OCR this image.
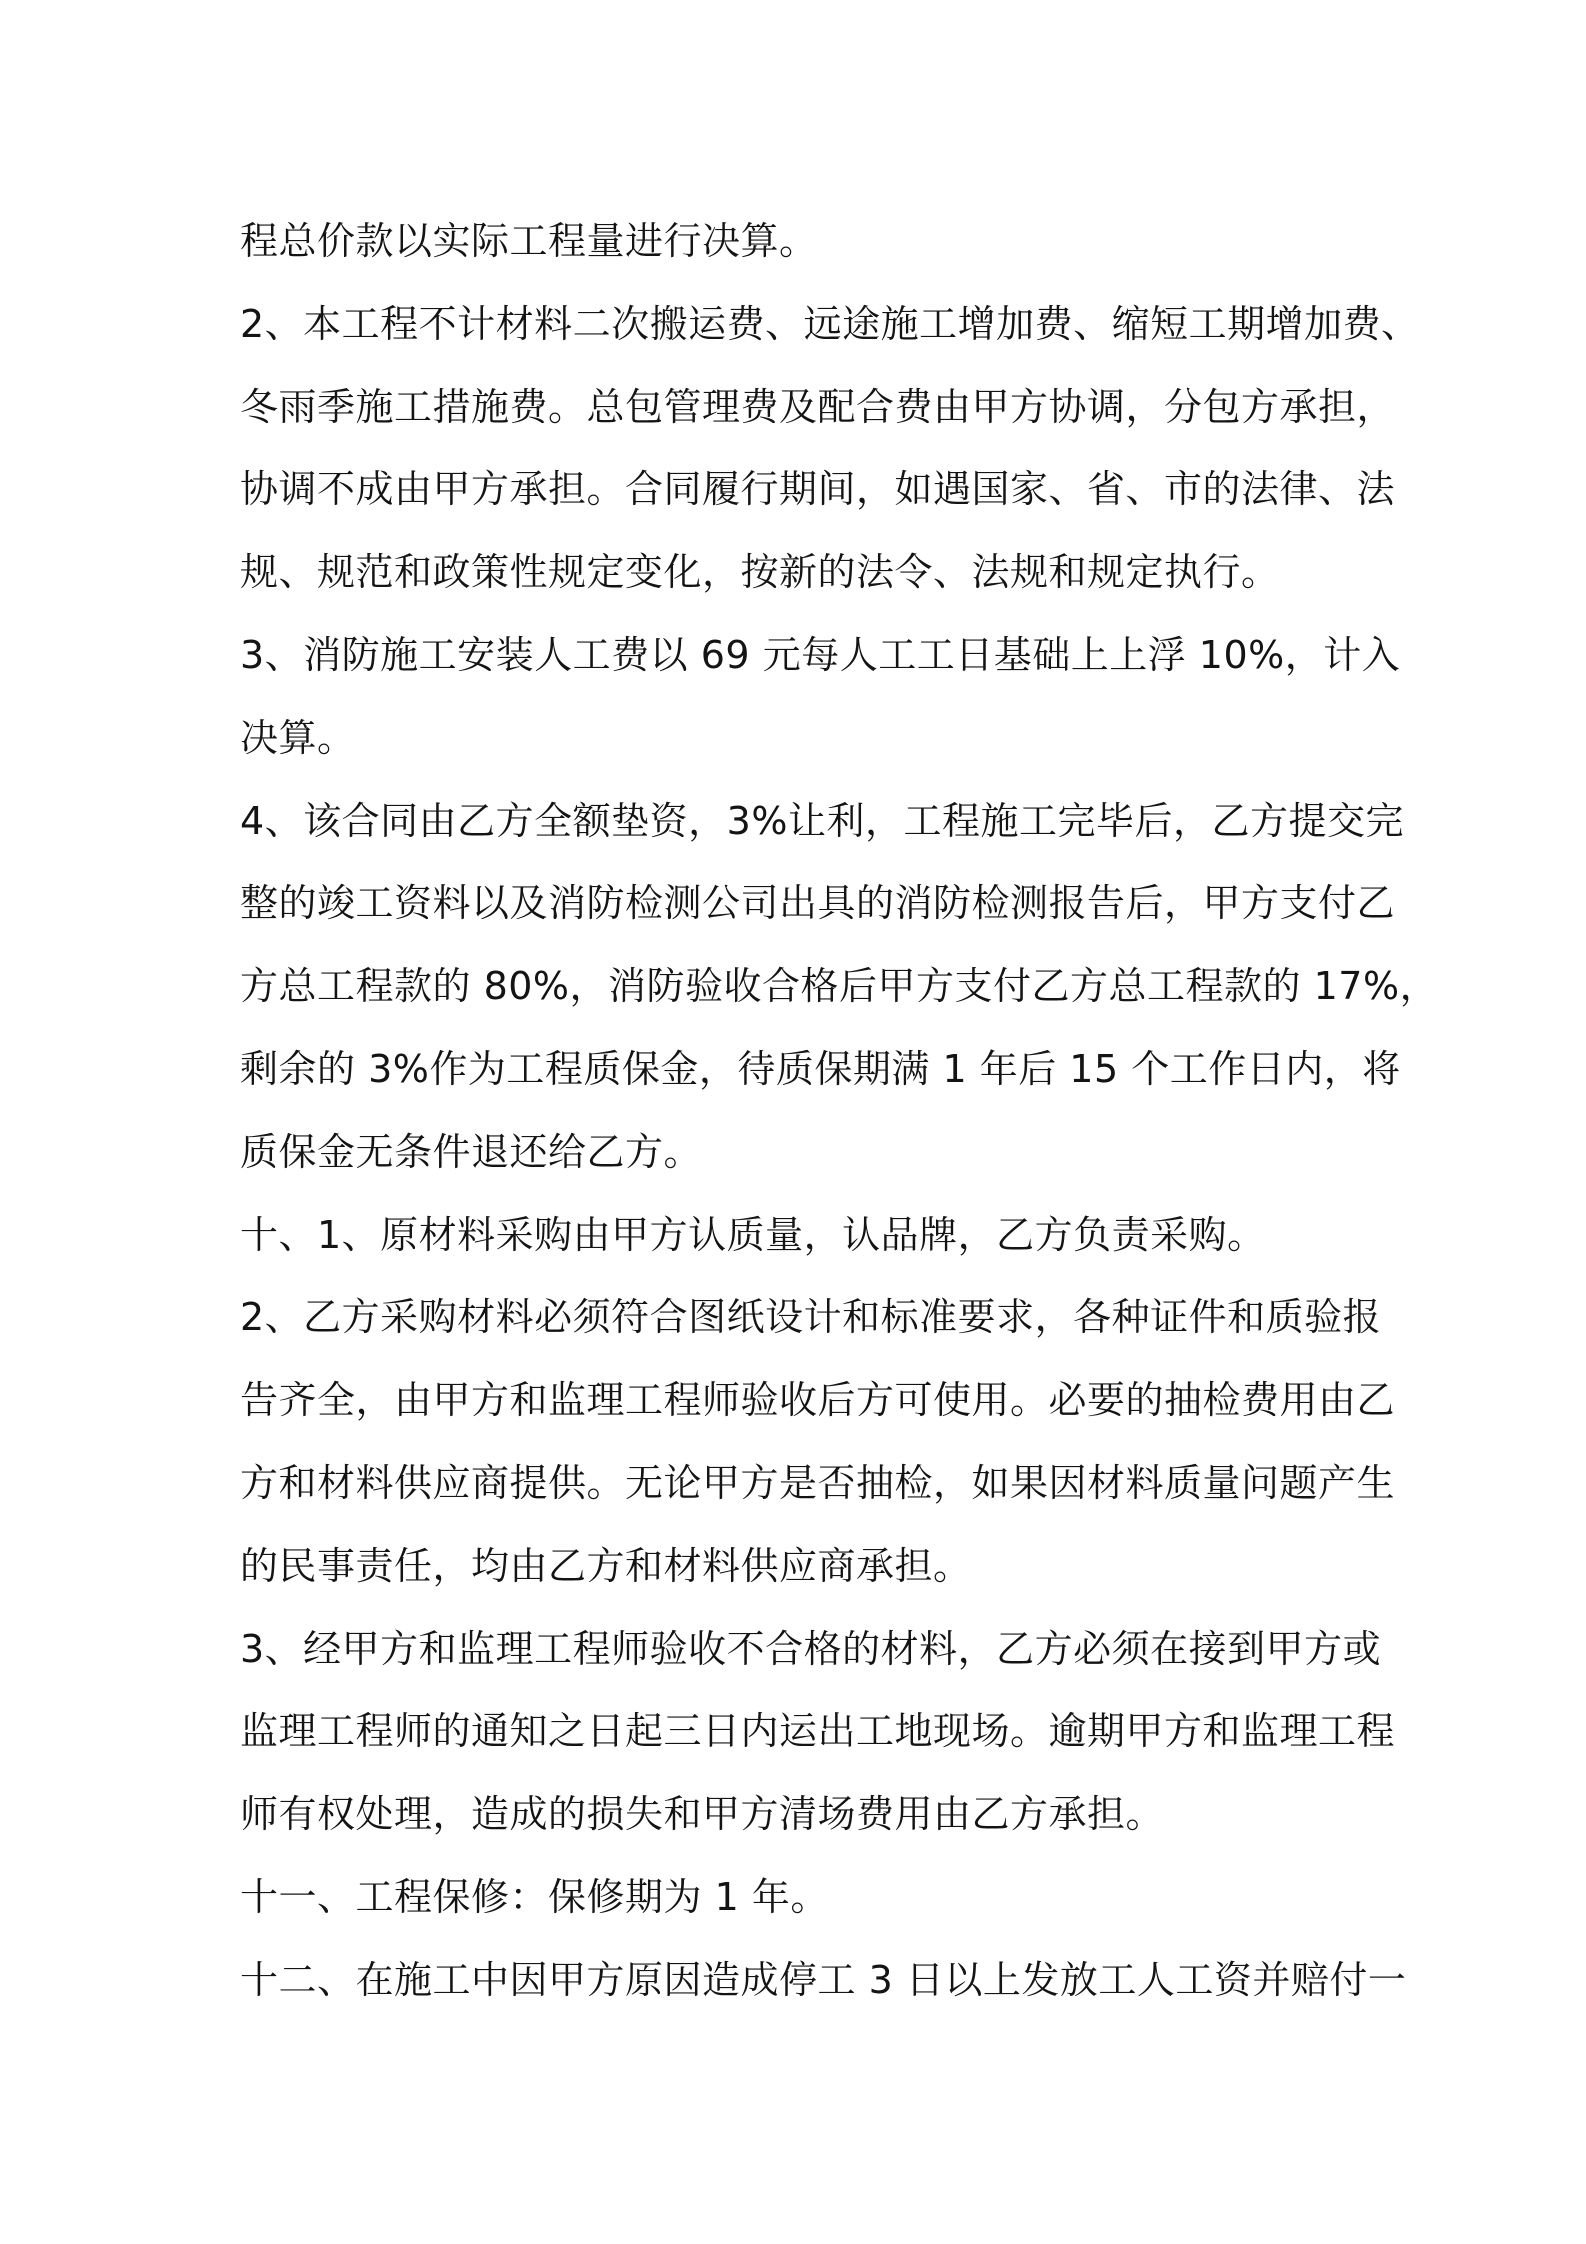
程总价款以实际工程量进行决算。
2、本工程不计材料二次搬运费、远途施工增加费、缩短工期增加费、
冬雨季施工措施费。总包管理费及配合费由甲方协调，分包方承担，
协调不成由甲方承担。合同履行期间，如遇国家、省、市的法律、法
规、规范和政策性规定变化，按新的法令、法规和规定执行。
3、消防施工安装人工费以 69 元每人工工日基础上上浮 10%，计入
决算。
4、该合同由乙方全额垫资，3%让利，工程施工完毕后，乙方提交完
整的竣工资料以及消防检测公司出具的消防检测报告后，甲方支付乙
方总工程款的 80%，消防验收合格后甲方支付乙方总工程款的 17%，
剩余的 3%作为工程质保金，待质保期满 1 年后 15 个工作日内，将
质保金无条件退还给乙方。
十、1、原材料采购由甲方认质量，认品牌，乙方负责采购。
2、乙方采购材料必须符合图纸设计和标准要求，各种证件和质验报
告齐全，由甲方和监理工程师验收后方可使用。必要的抽检费用由乙
方和材料供应商提供。无论甲方是否抽检，如果因材料质量问题产生
的民事责任，均由乙方和材料供应商承担。
3、经甲方和监理工程师验收不合格的材料，乙方必须在接到甲方或
监理工程师的通知之日起三日内运出工地现场。逾期甲方和监理工程
师有权处理，造成的损失和甲方清场费用由乙方承担。
十一、工程保修：保修期为 1 年。
十二、在施工中因甲方原因造成停工 3 日以上发放工人工资并赔付一
